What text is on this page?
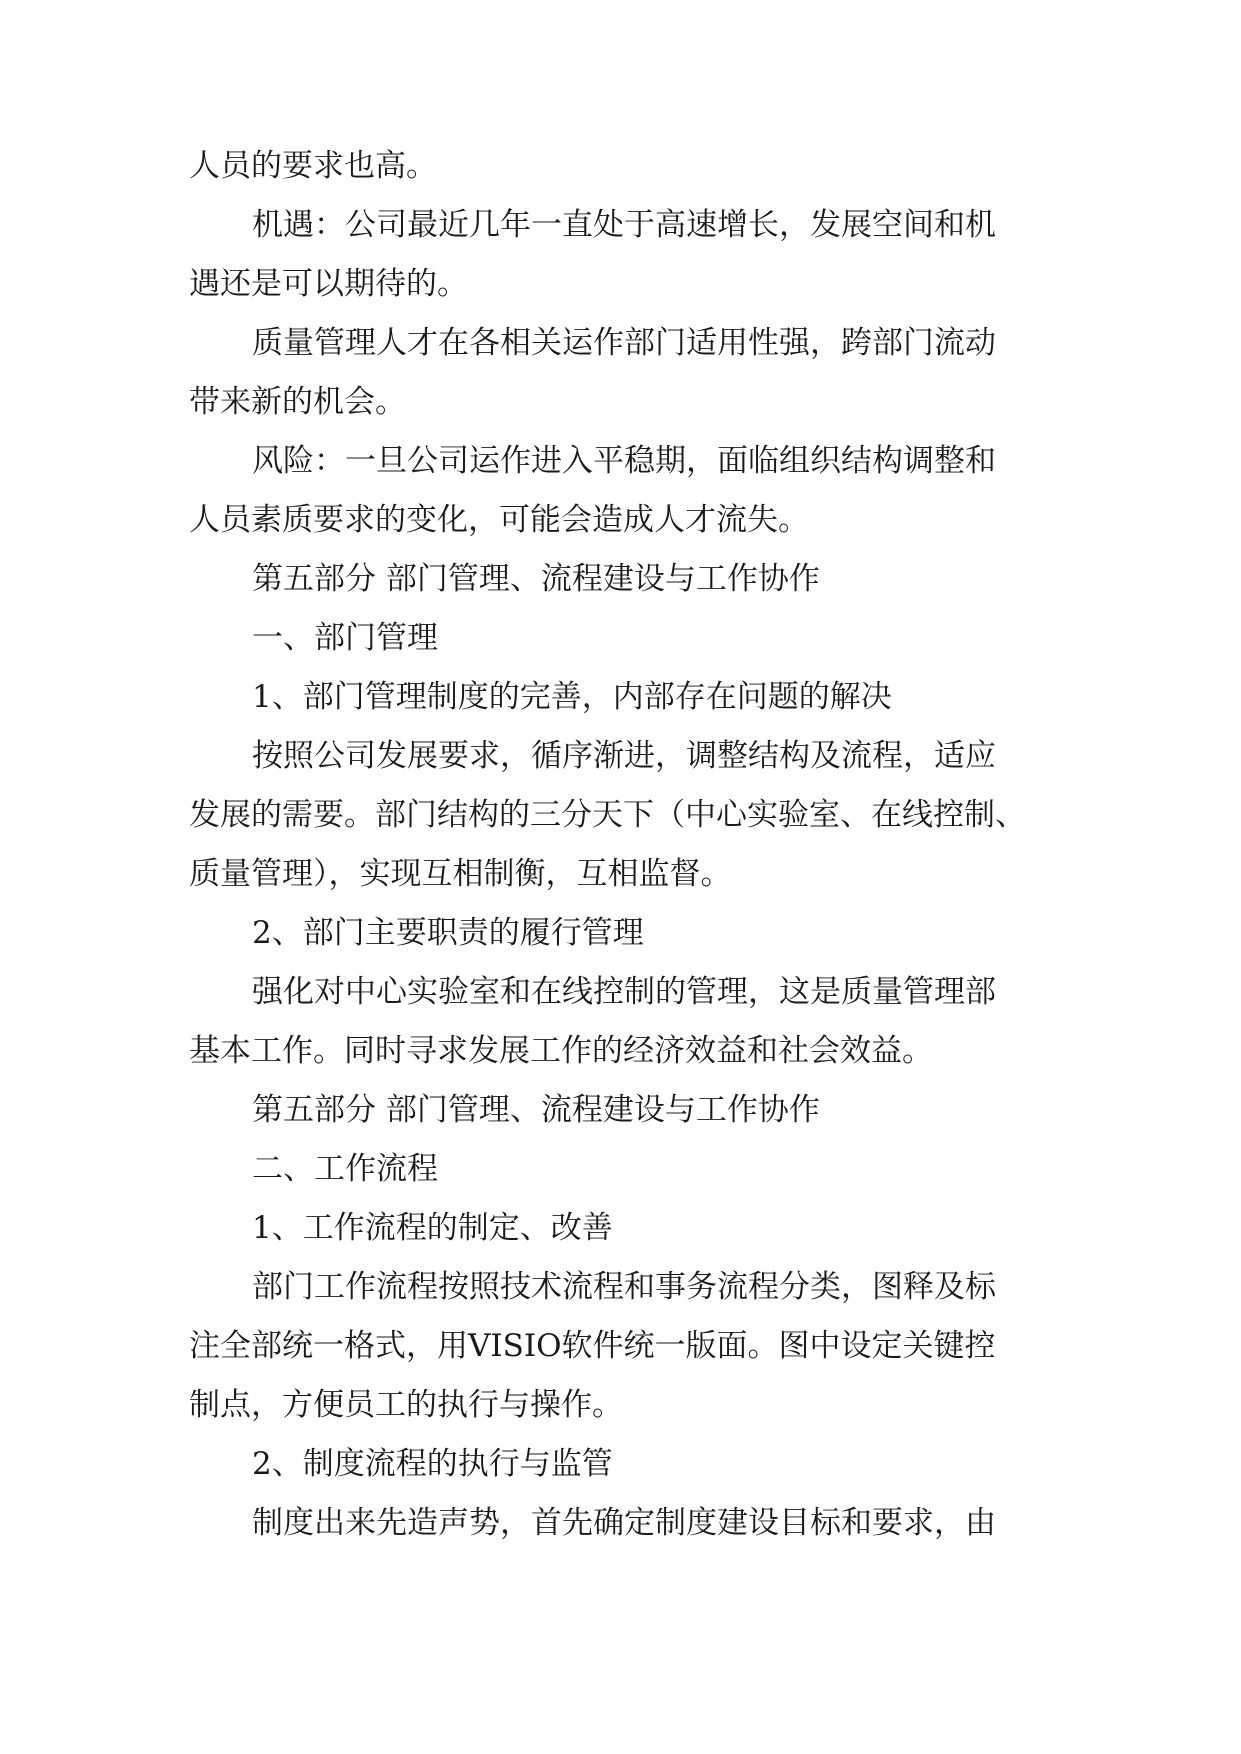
人员的要求也高。
机遇：公司最近几年一直处于高速增长，发展空间和机
遇还是可以期待的。
质量管理人才在各相关运作部门适用性强，跨部门流动
带来新的机会。
风险：一旦公司运作进入平稳期，面临组织结构调整和
人员素质要求的变化，可能会造成人才流失。
第五部分 部门管理、流程建设与工作协作
一、部门管理
1、部门管理制度的完善，内部存在问题的解决
按照公司发展要求，循序渐进，调整结构及流程，适应
发展的需要。部门结构的三分天下（中心实验室、在线控制、
质量管理），实现互相制衡，互相监督。
2、部门主要职责的履行管理
强化对中心实验室和在线控制的管理，这是质量管理部
基本工作。同时寻求发展工作的经济效益和社会效益。
第五部分 部门管理、流程建设与工作协作
二、工作流程
1、工作流程的制定、改善
部门工作流程按照技术流程和事务流程分类，图释及标
注全部统一格式，用VISIO软件统一版面。图中设定关键控
制点，方便员工的执行与操作。
2、制度流程的执行与监管
制度出来先造声势，首先确定制度建设目标和要求，由
